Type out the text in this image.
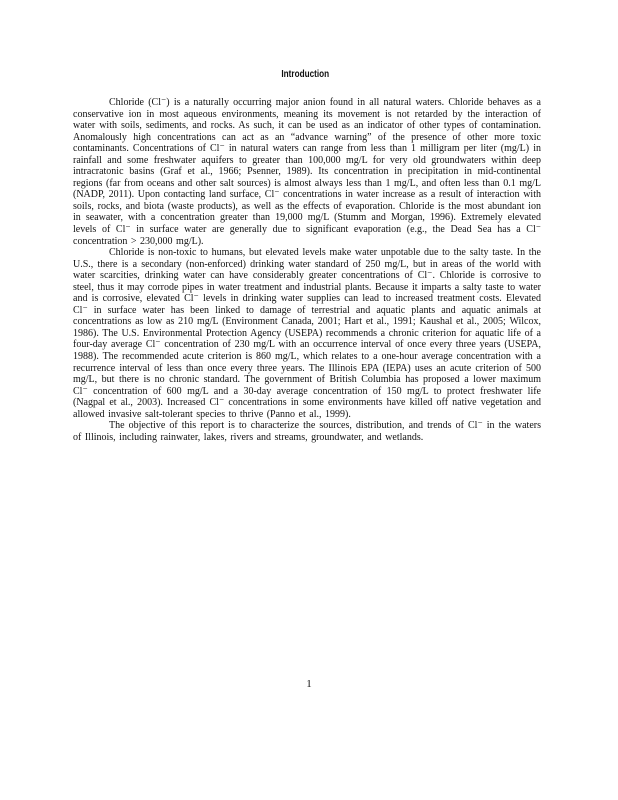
Introduction

Chloride (Cl⁻) is a naturally occurring major anion found in all natural waters. Chloride behaves as a conservative ion in most aqueous environments, meaning its movement is not retarded by the interaction of water with soils, sediments, and rocks. As such, it can be used as an indicator of other types of contamination. Anomalously high concentrations can act as an “advance warning” of the presence of other more toxic contaminants. Concentrations of Cl⁻ in natural waters can range from less than 1 milligram per liter (mg/L) in rainfall and some freshwater aquifers to greater than 100,000 mg/L for very old groundwaters within deep intracratonic basins (Graf et al., 1966; Psenner, 1989). Its concentration in precipitation in mid-continental regions (far from oceans and other salt sources) is almost always less than 1 mg/L, and often less than 0.1 mg/L (NADP, 2011). Upon contacting land surface, Cl⁻ concentrations in water increase as a result of interaction with soils, rocks, and biota (waste products), as well as the effects of evaporation. Chloride is the most abundant ion in seawater, with a concentration greater than 19,000 mg/L (Stumm and Morgan, 1996). Extremely elevated levels of Cl⁻ in surface water are generally due to significant evaporation (e.g., the Dead Sea has a Cl⁻ concentration > 230,000 mg/L).

Chloride is non-toxic to humans, but elevated levels make water unpotable due to the salty taste. In the U.S., there is a secondary (non-enforced) drinking water standard of 250 mg/L, but in areas of the world with water scarcities, drinking water can have considerably greater concentrations of Cl⁻. Chloride is corrosive to steel, thus it may corrode pipes in water treatment and industrial plants. Because it imparts a salty taste to water and is corrosive, elevated Cl⁻ levels in drinking water supplies can lead to increased treatment costs. Elevated Cl⁻ in surface water has been linked to damage of terrestrial and aquatic plants and aquatic animals at concentrations as low as 210 mg/L (Environment Canada, 2001; Hart et al., 1991; Kaushal et al., 2005; Wilcox, 1986). The U.S. Environmental Protection Agency (USEPA) recommends a chronic criterion for aquatic life of a four-day average Cl⁻ concentration of 230 mg/L with an occurrence interval of once every three years (USEPA, 1988). The recommended acute criterion is 860 mg/L, which relates to a one-hour average concentration with a recurrence interval of less than once every three years. The Illinois EPA (IEPA) uses an acute criterion of 500 mg/L, but there is no chronic standard. The government of British Columbia has proposed a lower maximum Cl⁻ concentration of 600 mg/L and a 30-day average concentration of 150 mg/L to protect freshwater life (Nagpal et al., 2003). Increased Cl⁻ concentrations in some environments have killed off native vegetation and allowed invasive salt-tolerant species to thrive (Panno et al., 1999).

The objective of this report is to characterize the sources, distribution, and trends of Cl⁻ in the waters of Illinois, including rainwater, lakes, rivers and streams, groundwater, and wetlands.

1
